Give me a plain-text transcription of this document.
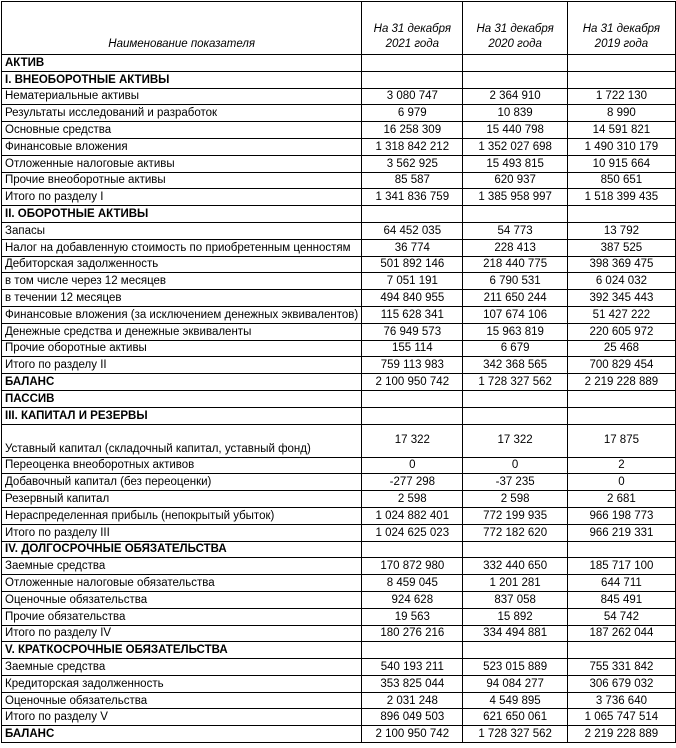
Наименование показателя	На 31 декабря 2021 года	На 31 декабря 2020 года	На 31 декабря 2019 года
АКТИВ			
I. ВНЕОБОРОТНЫЕ АКТИВЫ			
Нематериальные активы	3 080 747	2 364 910	1 722 130
Результаты исследований и разработок	6 979	10 839	8 990
Основные средства	16 258 309	15 440 798	14 591 821
Финансовые вложения	1 318 842 212	1 352 027 698	1 490 310 179
Отложенные налоговые активы	3 562 925	15 493 815	10 915 664
Прочие внеоборотные активы	85 587	620 937	850 651
Итого по разделу I	1 341 836 759	1 385 958 997	1 518 399 435
II. ОБОРОТНЫЕ АКТИВЫ			
Запасы	64 452 035	54 773	13 792
Налог на добавленную стоимость по приобретенным ценностям	36 774	228 413	387 525
Дебиторская задолженность	501 892 146	218 440 775	398 369 475
в том числе через 12 месяцев	7 051 191	6 790 531	6 024 032
в течении 12 месяцев	494 840 955	211 650 244	392 345 443
Финансовые вложения (за исключением денежных эквивалентов)	115 628 341	107 674 106	51 427 222
Денежные средства и денежные эквиваленты	76 949 573	15 963 819	220 605 972
Прочие оборотные активы	155 114	6 679	25 468
Итого по разделу II	759 113 983	342 368 565	700 829 454
БАЛАНС	2 100 950 742	1 728 327 562	2 219 228 889
ПАССИВ			
III. КАПИТАЛ И РЕЗЕРВЫ			
Уставный капитал (складочный капитал, уставный фонд)	17 322	17 322	17 875
Переоценка внеоборотных активов	0	0	2
Добавочный капитал (без переоценки)	-277 298	-37 235	0
Резервный капитал	2 598	2 598	2 681
Нераспределенная прибыль (непокрытый убыток)	1 024 882 401	772 199 935	966 198 773
Итого по разделу III	1 024 625 023	772 182 620	966 219 331
IV. ДОЛГОСРОЧНЫЕ ОБЯЗАТЕЛЬСТВА			
Заемные средства	170 872 980	332 440 650	185 717 100
Отложенные налоговые обязательства	8 459 045	1 201 281	644 711
Оценочные обязательства	924 628	837 058	845 491
Прочие обязательства	19 563	15 892	54 742
Итого по разделу IV	180 276 216	334 494 881	187 262 044
V. КРАТКОСРОЧНЫЕ ОБЯЗАТЕЛЬСТВА			
Заемные средства	540 193 211	523 015 889	755 331 842
Кредиторская задолженность	353 825 044	94 084 277	306 679 032
Оценочные обязательства	2 031 248	4 549 895	3 736 640
Итого по разделу V	896 049 503	621 650 061	1 065 747 514
БАЛАНС	2 100 950 742	1 728 327 562	2 219 228 889
